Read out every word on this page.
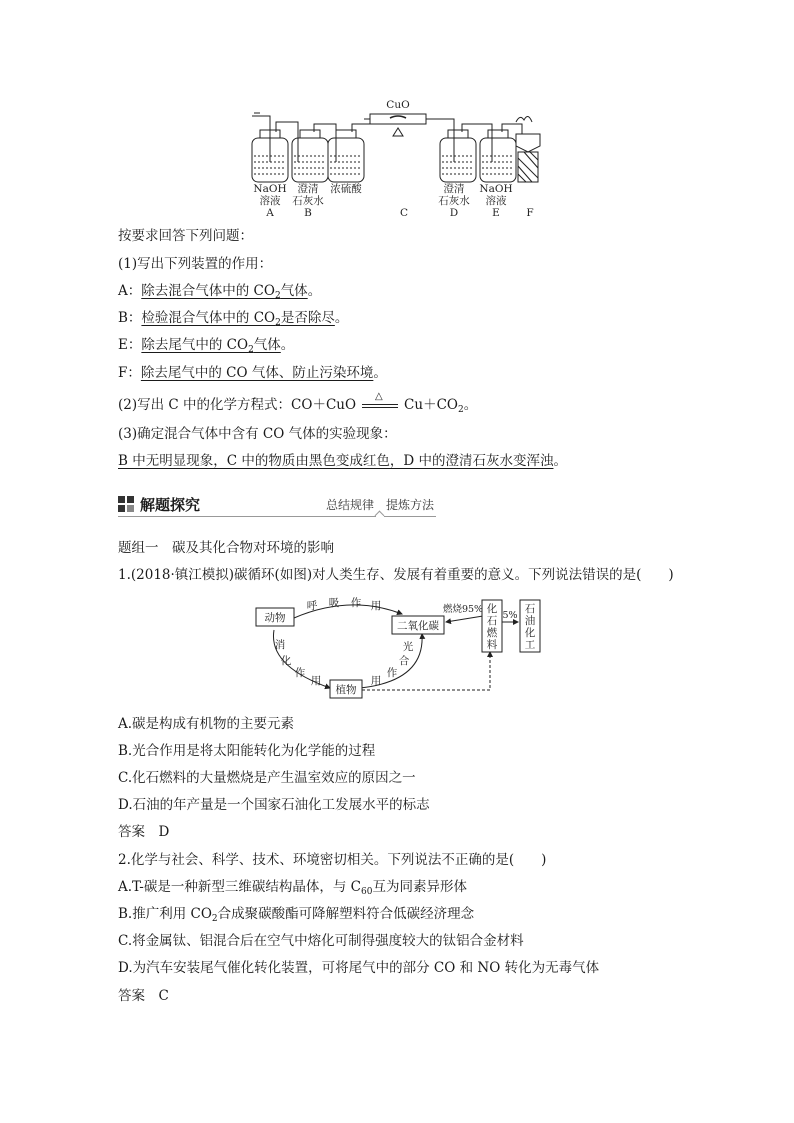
CuO
NaOH
溶液
A
澄清
石灰水
B
浓硫酸
C
澄清
石灰水
D
NaOH
溶液
E	F
按要求回答下列问题：
(1)写出下列装置的作用：
A：除去混合气体中的 $CO_2$气体。
B：检验混合气体中的 $CO_2$是否除尽。
E：除去尾气中的 $CO_2$气体。
F：除去尾气中的 CO 气体、防止污染环境。
(2)写出 C 中的化学方程式：CO＋CuO
△
$Cu+CO_2$。
(3)确定混合气体中含有 CO 气体的实验现象：
B 中无明显现象，C 中的物质由黑色变成红色，D 中的澄清石灰水变浑浊。
解题探究	总结规律　提炼方法
题组一　碳及其化合物对环境的影响
1.(2018·镇江模拟)碳循环(如图)对人类生存、发展有着重要的意义。下列说法错误的是(　　)
动物
二氧化碳
植物
化
石
燃
料
石
油
化
工
呼 吸 作 用
消
化
作
用
光
合
作
用
燃烧95%
5%
A.碳是构成有机物的主要元素
B.光合作用是将太阳能转化为化学能的过程
C.化石燃料的大量燃烧是产生温室效应的原因之一
D.石油的年产量是一个国家石油化工发展水平的标志
答案　D
2.化学与社会、科学、技术、环境密切相关。下列说法不正确的是(　　)
A.T-碳是一种新型三维碳结构晶体，与 $C_{60}$互为同素异形体
B.推广利用 $CO_2$合成聚碳酸酯可降解塑料符合低碳经济理念
C.将金属钛、铝混合后在空气中熔化可制得强度较大的钛铝合金材料
D.为汽车安装尾气催化转化装置，可将尾气中的部分 CO 和 NO 转化为无毒气体
答案　C
